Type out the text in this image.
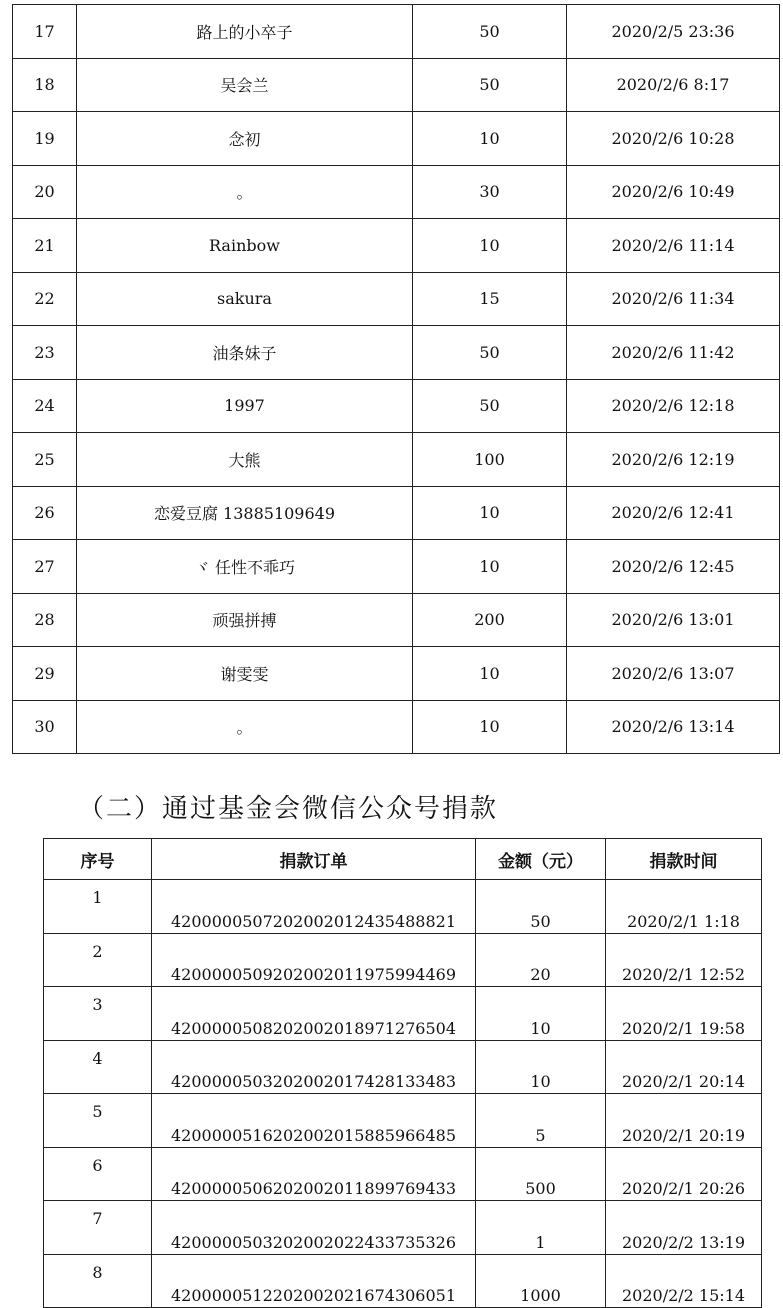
17	路上的小卒子	50	2020/2/5 23:36
18	吴会兰	50	2020/2/6 8:17
19	念初	10	2020/2/6 10:28
20	。	30	2020/2/6 10:49
21	Rainbow	10	2020/2/6 11:14
22	sakura	15	2020/2/6 11:34
23	油条妹子	50	2020/2/6 11:42
24	1997	50	2020/2/6 12:18
25	大熊	100	2020/2/6 12:19
26	恋爱豆腐 13885109649	10	2020/2/6 12:41
27	ヾ 任性不乖巧	10	2020/2/6 12:45
28	顽强拼搏	200	2020/2/6 13:01
29	谢雯雯	10	2020/2/6 13:07
30	。	10	2020/2/6 13:14
（二）通过基金会微信公众号捐款
序号	捐款订单	金额（元）	捐款时间
1	4200000507202002012435488821	50	2020/2/1 1:18
2	4200000509202002011975994469	20	2020/2/1 12:52
3	4200000508202002018971276504	10	2020/2/1 19:58
4	4200000503202002017428133483	10	2020/2/1 20:14
5	4200000516202002015885966485	5	2020/2/1 20:19
6	4200000506202002011899769433	500	2020/2/1 20:26
7	4200000503202002022433735326	1	2020/2/2 13:19
8	4200000512202002021674306051	1000	2020/2/2 15:14
